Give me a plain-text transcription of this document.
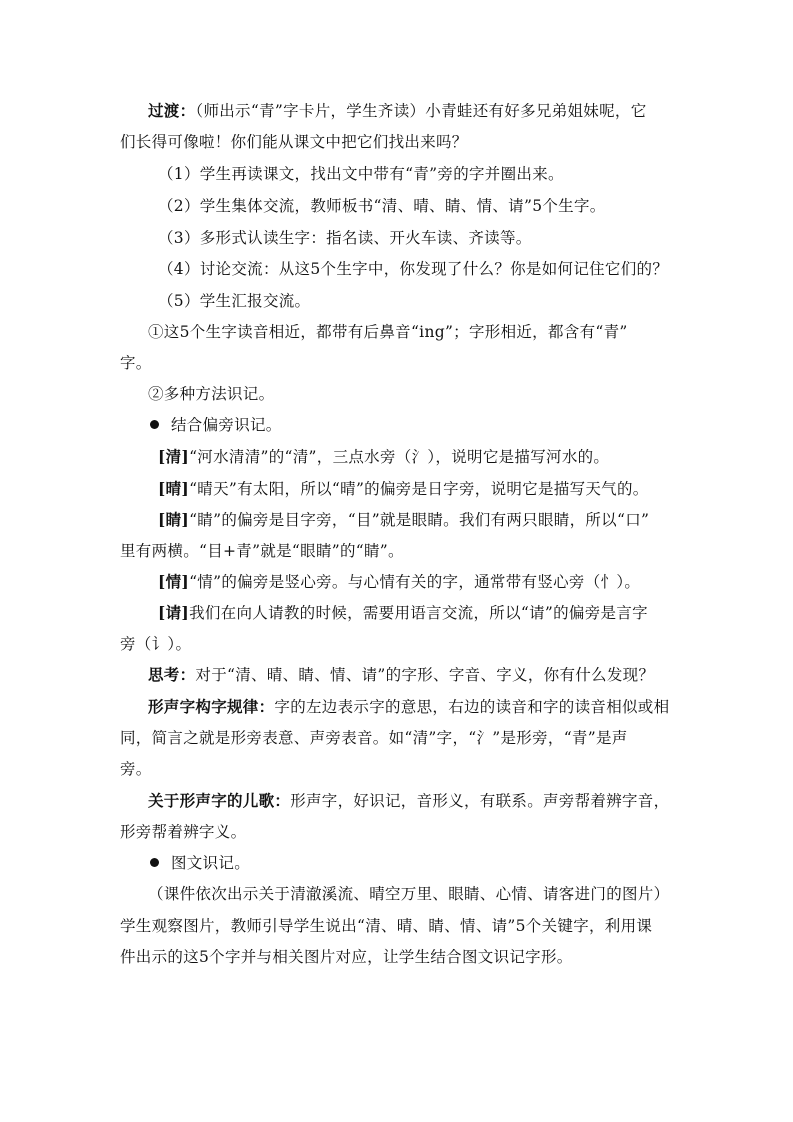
过渡：（师出示“青”字卡片，学生齐读）小青蛙还有好多兄弟姐妹呢，它
们长得可像啦！你们能从课文中把它们找出来吗？
（1）学生再读课文，找出文中带有“青”旁的字并圈出来。
（2）学生集体交流，教师板书“清、晴、睛、情、请”5个生字。
（3）多形式认读生字：指名读、开火车读、齐读等。
（4）讨论交流：从这5个生字中，你发现了什么？你是如何记住它们的？
（5）学生汇报交流。
①这5个生字读音相近，都带有后鼻音“ing”；字形相近，都含有“青”
字。
②多种方法识记。
结合偏旁识记。
[清]“河水清清”的“清”，三点水旁（氵），说明它是描写河水的。
[晴]“晴天”有太阳，所以“晴”的偏旁是日字旁，说明它是描写天气的。
[睛]“睛”的偏旁是目字旁，“目”就是眼睛。我们有两只眼睛，所以“口”
里有两横。“目+青”就是“眼睛”的“睛”。
[情]“情”的偏旁是竖心旁。与心情有关的字，通常带有竖心旁（忄）。
[请]我们在向人请教的时候，需要用语言交流，所以“请”的偏旁是言字
旁（讠）。
思考：对于“清、晴、睛、情、请”的字形、字音、字义，你有什么发现？
形声字构字规律：字的左边表示字的意思，右边的读音和字的读音相似或相
同，简言之就是形旁表意、声旁表音。如“清”字，“氵”是形旁，“青”是声
旁。
关于形声字的儿歌：形声字，好识记，音形义，有联系。声旁帮着辨字音，
形旁帮着辨字义。
图文识记。
（课件依次出示关于清澈溪流、晴空万里、眼睛、心情、请客进门的图片）
学生观察图片，教师引导学生说出“清、晴、睛、情、请”5个关键字，利用课
件出示的这5个字并与相关图片对应，让学生结合图文识记字形。
